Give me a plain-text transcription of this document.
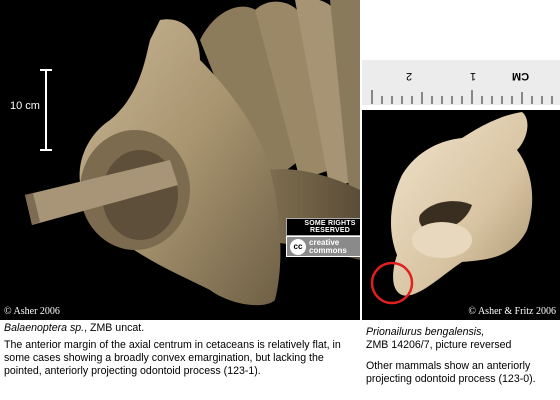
10 cm
SOME RIGHTS RESERVED
cc creative
commons
© Asher 2006
2	1	CM
© Asher & Fritz 2006

Balaenoptera sp., ZMB uncat.

The anterior margin of the axial centrum in cetaceans is relatively flat, in some cases showing a broadly convex emargination, but lacking the pointed, anteriorly projecting odontoid process (123-1).

Prionailurus bengalensis,

ZMB 14206/7, picture reversed

Other mammals show an anteriorly projecting odontoid process (123-0).
